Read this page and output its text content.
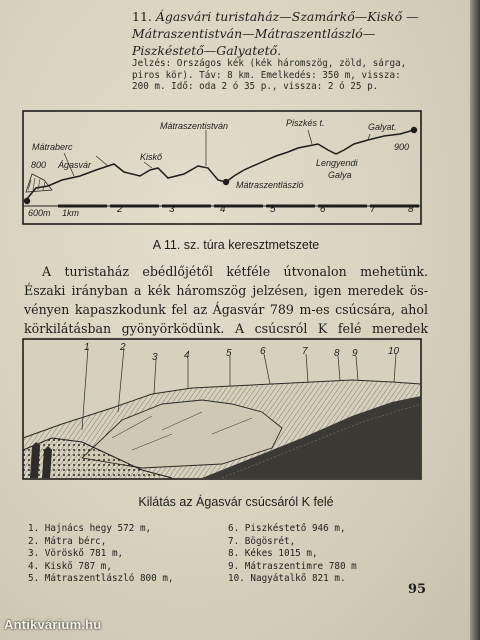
11. Ágasvári turistaház—Szamárkő—Kiskő —Mátraszentistván—Mátraszentlászló— Piszkéstető—Galyatető.
Jelzés: Országos kék (kék háromszög, zöld, sárga,
piros kör). Táv: 8 km. Emelkedés: 350 m, vissza:
200 m. Idő: oda 2 ó 35 p., vissza: 2 ó 25 p.
Mátraberc
Ágasvár
Kiskő
Mátraszentistván	Piszkés t.	Galyat.
Lengyendi
Galya
Mátraszentlászló
800
900
600m 1km	2	3	4	5	6	7	8
A 11. sz. túra keresztmetszete
A turistaház ebédlőjétől kétféle útvonalon mehetünk.
Északi irányban a kék háromszög jelzésen, igen meredek ös-
vényen kapaszkodunk fel az Ágasvár 789 m-es csúcsára, ahol
körkilátásban gyönyörködünk. A csúcsról K felé meredek
1	2
3	4	5	6	7	8 9	10
Kilátás az Ágasvár csúcsáról K felé
1. Hajnács hegy 572 m,
2. Mátra bérc,
3. Vöröskő 781 m,
4. Kiskő 787 m,
5. Mátraszentlászló 800 m,
6. Piszkéstető 946 m,
7. Bögösrét,
8. Kékes 1015 m,
9. Mátraszentimre 780 m
10. Nagyátalkő 821 m.
95
Antikvárium.hu
